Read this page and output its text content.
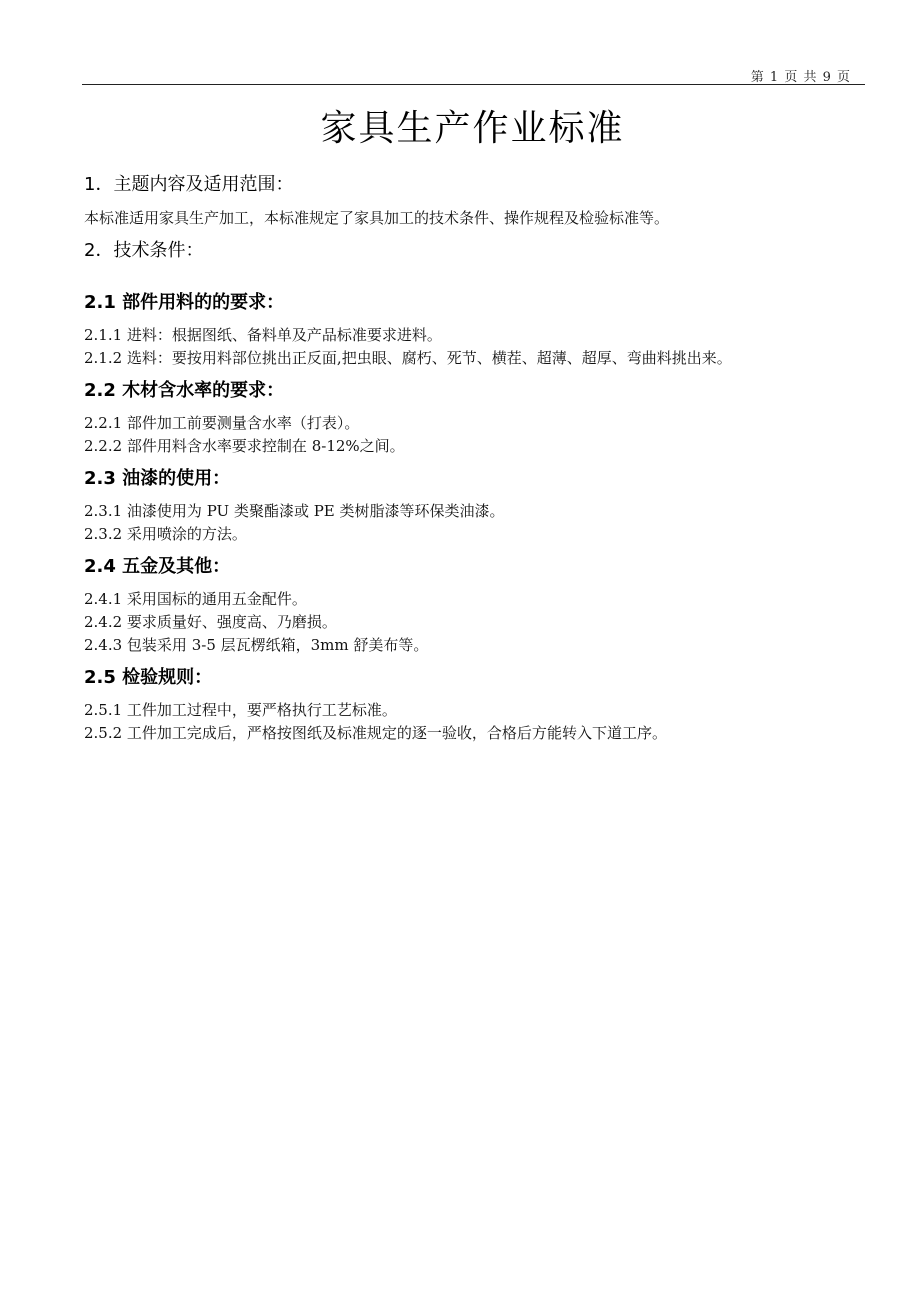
第 1 页 共 9 页
家具生产作业标准

1．主题内容及适用范围：

本标准适用家具生产加工，本标准规定了家具加工的技术条件、操作规程及检验标准等。

2．技术条件：

2.1 部件用料的的要求：

2.1.1 进料：根据图纸、备料单及产品标准要求进料。

2.1.2 选料：要按用料部位挑出正反面,把虫眼、腐朽、死节、横茬、超薄、超厚、弯曲料挑出来。

2.2 木材含水率的要求：

2.2.1 部件加工前要测量含水率（打表）。

2.2.2 部件用料含水率要求控制在 8-12%之间。

2.3 油漆的使用：

2.3.1 油漆使用为 PU 类聚酯漆或 PE 类树脂漆等环保类油漆。

2.3.2 采用喷涂的方法。

2.4 五金及其他：

2.4.1 采用国标的通用五金配件。

2.4.2 要求质量好、强度高、乃磨损。

2.4.3 包装采用 3-5 层瓦楞纸箱，3mm 舒美布等。

2.5 检验规则：

2.5.1 工件加工过程中，要严格执行工艺标准。

2.5.2 工件加工完成后，严格按图纸及标准规定的逐一验收，合格后方能转入下道工序。
